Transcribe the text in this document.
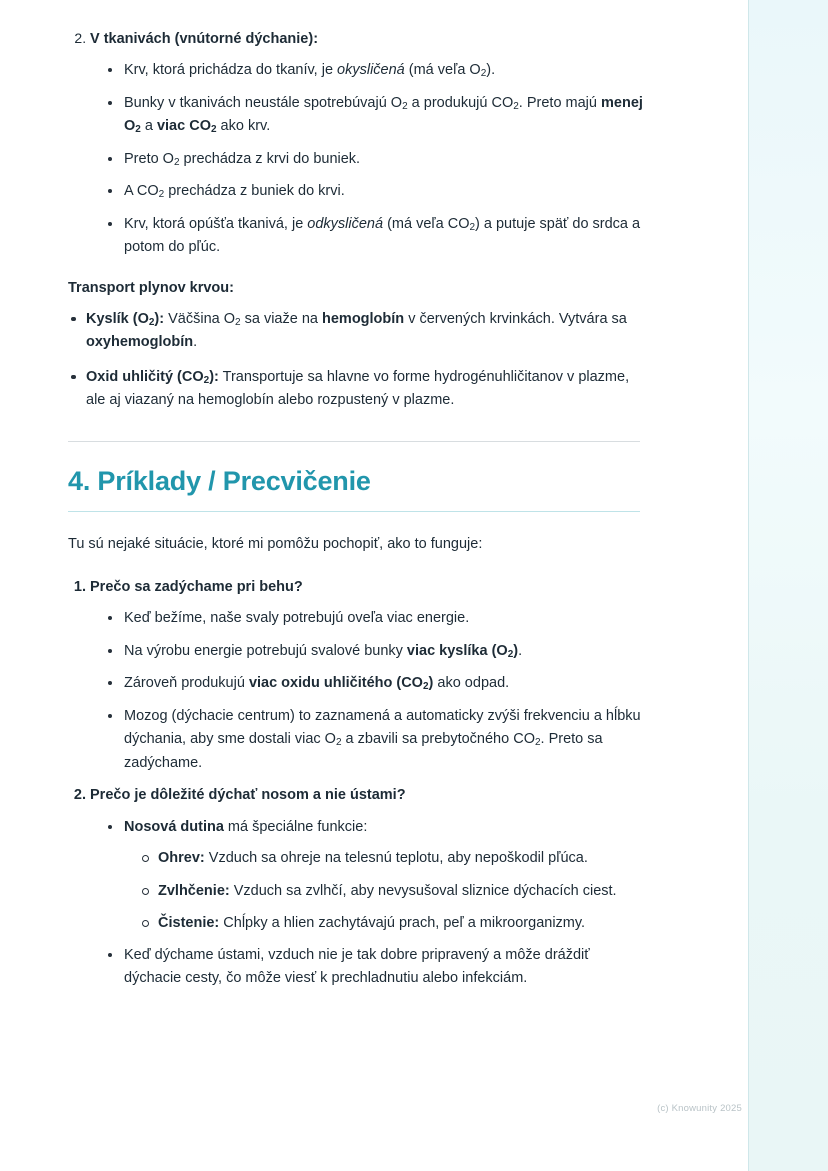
2. V tkanivách (vnútorné dýchanie):
Krv, ktorá prichádza do tkanív, je okysličená (má veľa $O_2$).
Bunky v tkanivách neustále spotrebúvajú $O_2$ a produkujú $CO_2$. Preto majú menej $O_2$ a viac $CO_2$ ako krv.
Preto $O_2$ prechádza z krvi do buniek.
A $CO_2$ prechádza z buniek do krvi.
Krv, ktorá opúšťa tkanivá, je odkysličená (má veľa $CO_2$) a putuje späť do srdca a potom do pľúc.
Transport plynov krvou:
Kyslík $(O_2)$: Väčšina $O_2$ sa viaže na hemoglobín v červených krvinkách. Vytvára sa oxyhemoglobín.
Oxid uhličitý $(CO_2)$: Transportuje sa hlavne vo forme hydrogénuhličitanov v plazme, ale aj viazaný na hemoglobín alebo rozpustený v plazme.
4. Príklady / Precvičenie

Tu sú nejaké situácie, ktoré mi pomôžu pochopiť, ako to funguje:

1. Prečo sa zadýchame pri behu?
Keď bežíme, naše svaly potrebujú oveľa viac energie.
Na výrobu energie potrebujú svalové bunky viac kyslíka $(O_2)$.
Zároveň produkujú viac oxidu uhličitého $(CO_2)$ ako odpad.
Mozog (dýchacie centrum) to zaznamená a automaticky zvýši frekvenciu a hĺbku dýchania, aby sme dostali viac $O_2$ a zbavili sa prebytočného $CO_2$. Preto sa zadýchame.
2. Prečo je dôležité dýchať nosom a nie ústami?
Nosová dutina má špeciálne funkcie:
Ohrev: Vzduch sa ohreje na telesnú teplotu, aby nepoškodil pľúca.
Zvlhčenie: Vzduch sa zvlhčí, aby nevysušoval sliznice dýchacích ciest.
Čistenie: Chĺpky a hlien zachytávajú prach, peľ a mikroorganizmy.
Keď dýchame ústami, vzduch nie je tak dobre pripravený a môže dráždiť dýchacie cesty, čo môže viesť k prechladnutiu alebo infekciám.
(c) Knowunity 2025
